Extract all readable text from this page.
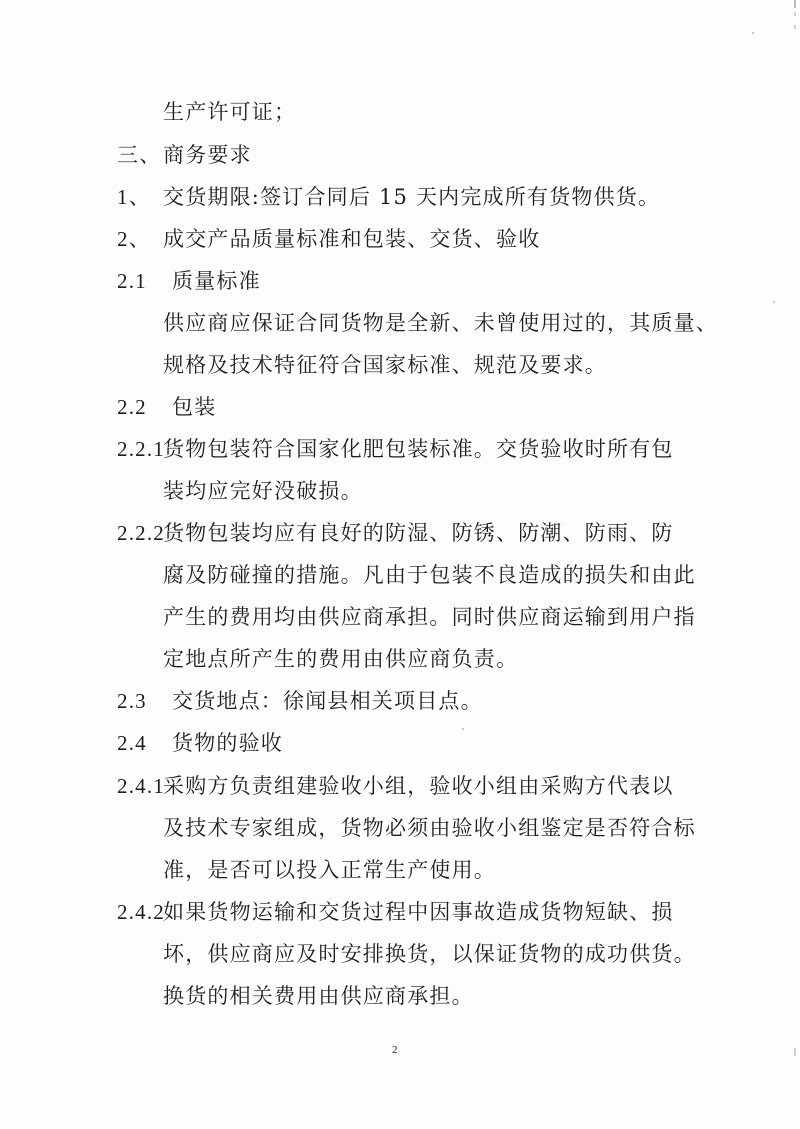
生产许可证；
三、商务要求
1、 交货期限:签订合同后 15 天内完成所有货物供货。
2、 成交产品质量标准和包装、交货、验收
2.1 质量标准
供应商应保证合同货物是全新、未曾使用过的，其质量、
规格及技术特征符合国家标准、规范及要求。
2.2 包装
2.2.1货物包装符合国家化肥包装标准。交货验收时所有包
装均应完好没破损。
2.2.2货物包装均应有良好的防湿、防锈、防潮、防雨、防
腐及防碰撞的措施。凡由于包装不良造成的损失和由此
产生的费用均由供应商承担。同时供应商运输到用户指
定地点所产生的费用由供应商负责。
2.3 交货地点：徐闻县相关项目点。
2.4 货物的验收
2.4.1采购方负责组建验收小组，验收小组由采购方代表以
及技术专家组成，货物必须由验收小组鉴定是否符合标
准，是否可以投入正常生产使用。
2.4.2如果货物运输和交货过程中因事故造成货物短缺、损
坏，供应商应及时安排换货，以保证货物的成功供货。
换货的相关费用由供应商承担。
2
